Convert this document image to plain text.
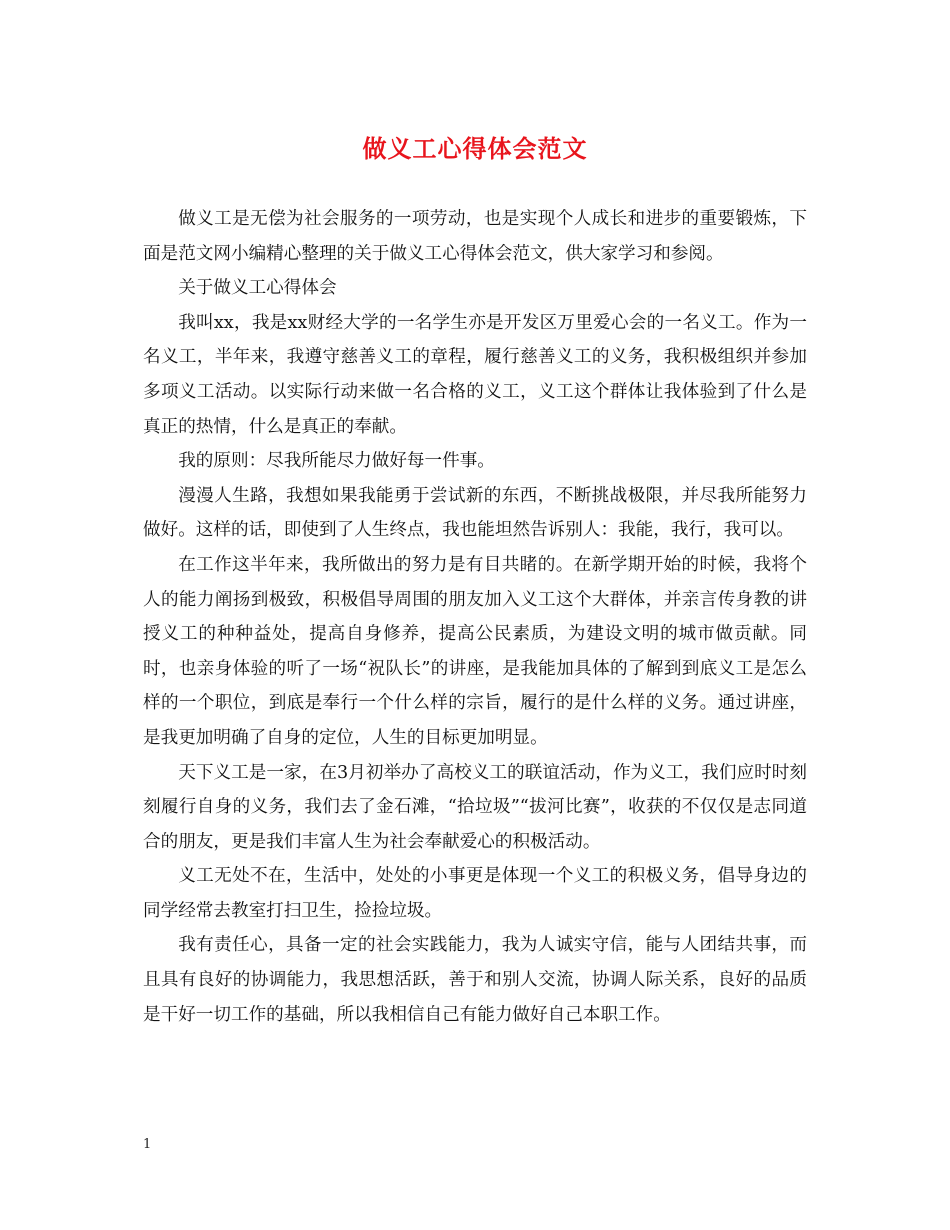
做义工心得体会范文

做义工是无偿为社会服务的一项劳动，也是实现个人成长和进步的重要锻炼，下面是范文网小编精心整理的关于做义工心得体会范文，供大家学习和参阅。

关于做义工心得体会

我叫xx，我是xx财经大学的一名学生亦是开发区万里爱心会的一名义工。作为一名义工，半年来，我遵守慈善义工的章程，履行慈善义工的义务，我积极组织并参加多项义工活动。以实际行动来做一名合格的义工，义工这个群体让我体验到了什么是真正的热情，什么是真正的奉献。

我的原则：尽我所能尽力做好每一件事。

漫漫人生路，我想如果我能勇于尝试新的东西，不断挑战极限，并尽我所能努力做好。这样的话，即使到了人生终点，我也能坦然告诉别人：我能，我行，我可以。

在工作这半年来，我所做出的努力是有目共睹的。在新学期开始的时候，我将个人的能力阐扬到极致，积极倡导周围的朋友加入义工这个大群体，并亲言传身教的讲授义工的种种益处，提高自身修养，提高公民素质，为建设文明的城市做贡献。同时，也亲身体验的听了一场“祝队长”的讲座，是我能加具体的了解到到底义工是怎么样的一个职位，到底是奉行一个什么样的宗旨，履行的是什么样的义务。通过讲座，是我更加明确了自身的定位，人生的目标更加明显。

天下义工是一家，在3月初举办了高校义工的联谊活动，作为义工，我们应时时刻刻履行自身的义务，我们去了金石滩，“拾垃圾”“拔河比赛”，收获的不仅仅是志同道合的朋友，更是我们丰富人生为社会奉献爱心的积极活动。

义工无处不在，生活中，处处的小事更是体现一个义工的积极义务，倡导身边的同学经常去教室打扫卫生，捡捡垃圾。

我有责任心，具备一定的社会实践能力，我为人诚实守信，能与人团结共事，而且具有良好的协调能力，我思想活跃，善于和别人交流，协调人际关系，良好的品质是干好一切工作的基础，所以我相信自己有能力做好自己本职工作。

1
